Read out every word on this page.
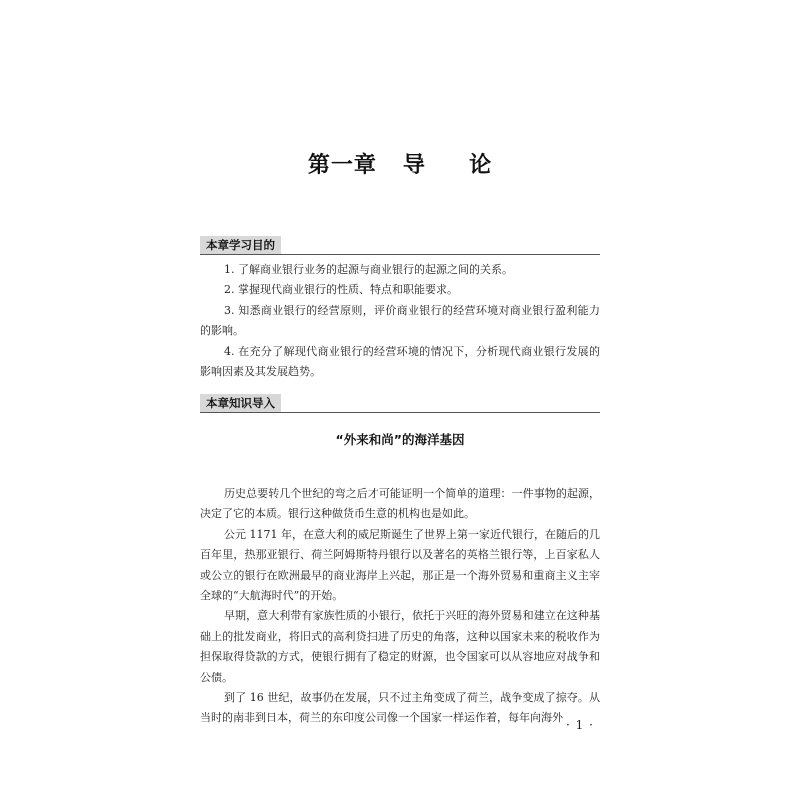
第一章   导     论
本章学习目的

1. 了解商业银行业务的起源与商业银行的起源之间的关系。

2. 掌握现代商业银行的性质、特点和职能要求。

3. 知悉商业银行的经营原则，评价商业银行的经营环境对商业银行盈利能力的影响。

4. 在充分了解现代商业银行的经营环境的情况下，分析现代商业银行发展的影响因素及其发展趋势。

本章知识导入
“外来和尚”的海洋基因

历史总要转几个世纪的弯之后才可能证明一个简单的道理：一件事物的起源，决定了它的本质。银行这种做货币生意的机构也是如此。

公元 1171 年，在意大利的威尼斯诞生了世界上第一家近代银行，在随后的几百年里，热那亚银行、荷兰阿姆斯特丹银行以及著名的英格兰银行等，上百家私人或公立的银行在欧洲最早的商业海岸上兴起，那正是一个海外贸易和重商主义主宰全球的“大航海时代”的开始。

早期，意大利带有家族性质的小银行，依托于兴旺的海外贸易和建立在这种基础上的批发商业，将旧式的高利贷扫进了历史的角落，这种以国家未来的税收作为担保取得贷款的方式，使银行拥有了稳定的财源，也令国家可以从容地应对战争和公债。

到了 16 世纪，故事仍在发展，只不过主角变成了荷兰，战争变成了掠夺。从当时的南非到日本，荷兰的东印度公司像一个国家一样运作着，每年向海外

· 1 ·
